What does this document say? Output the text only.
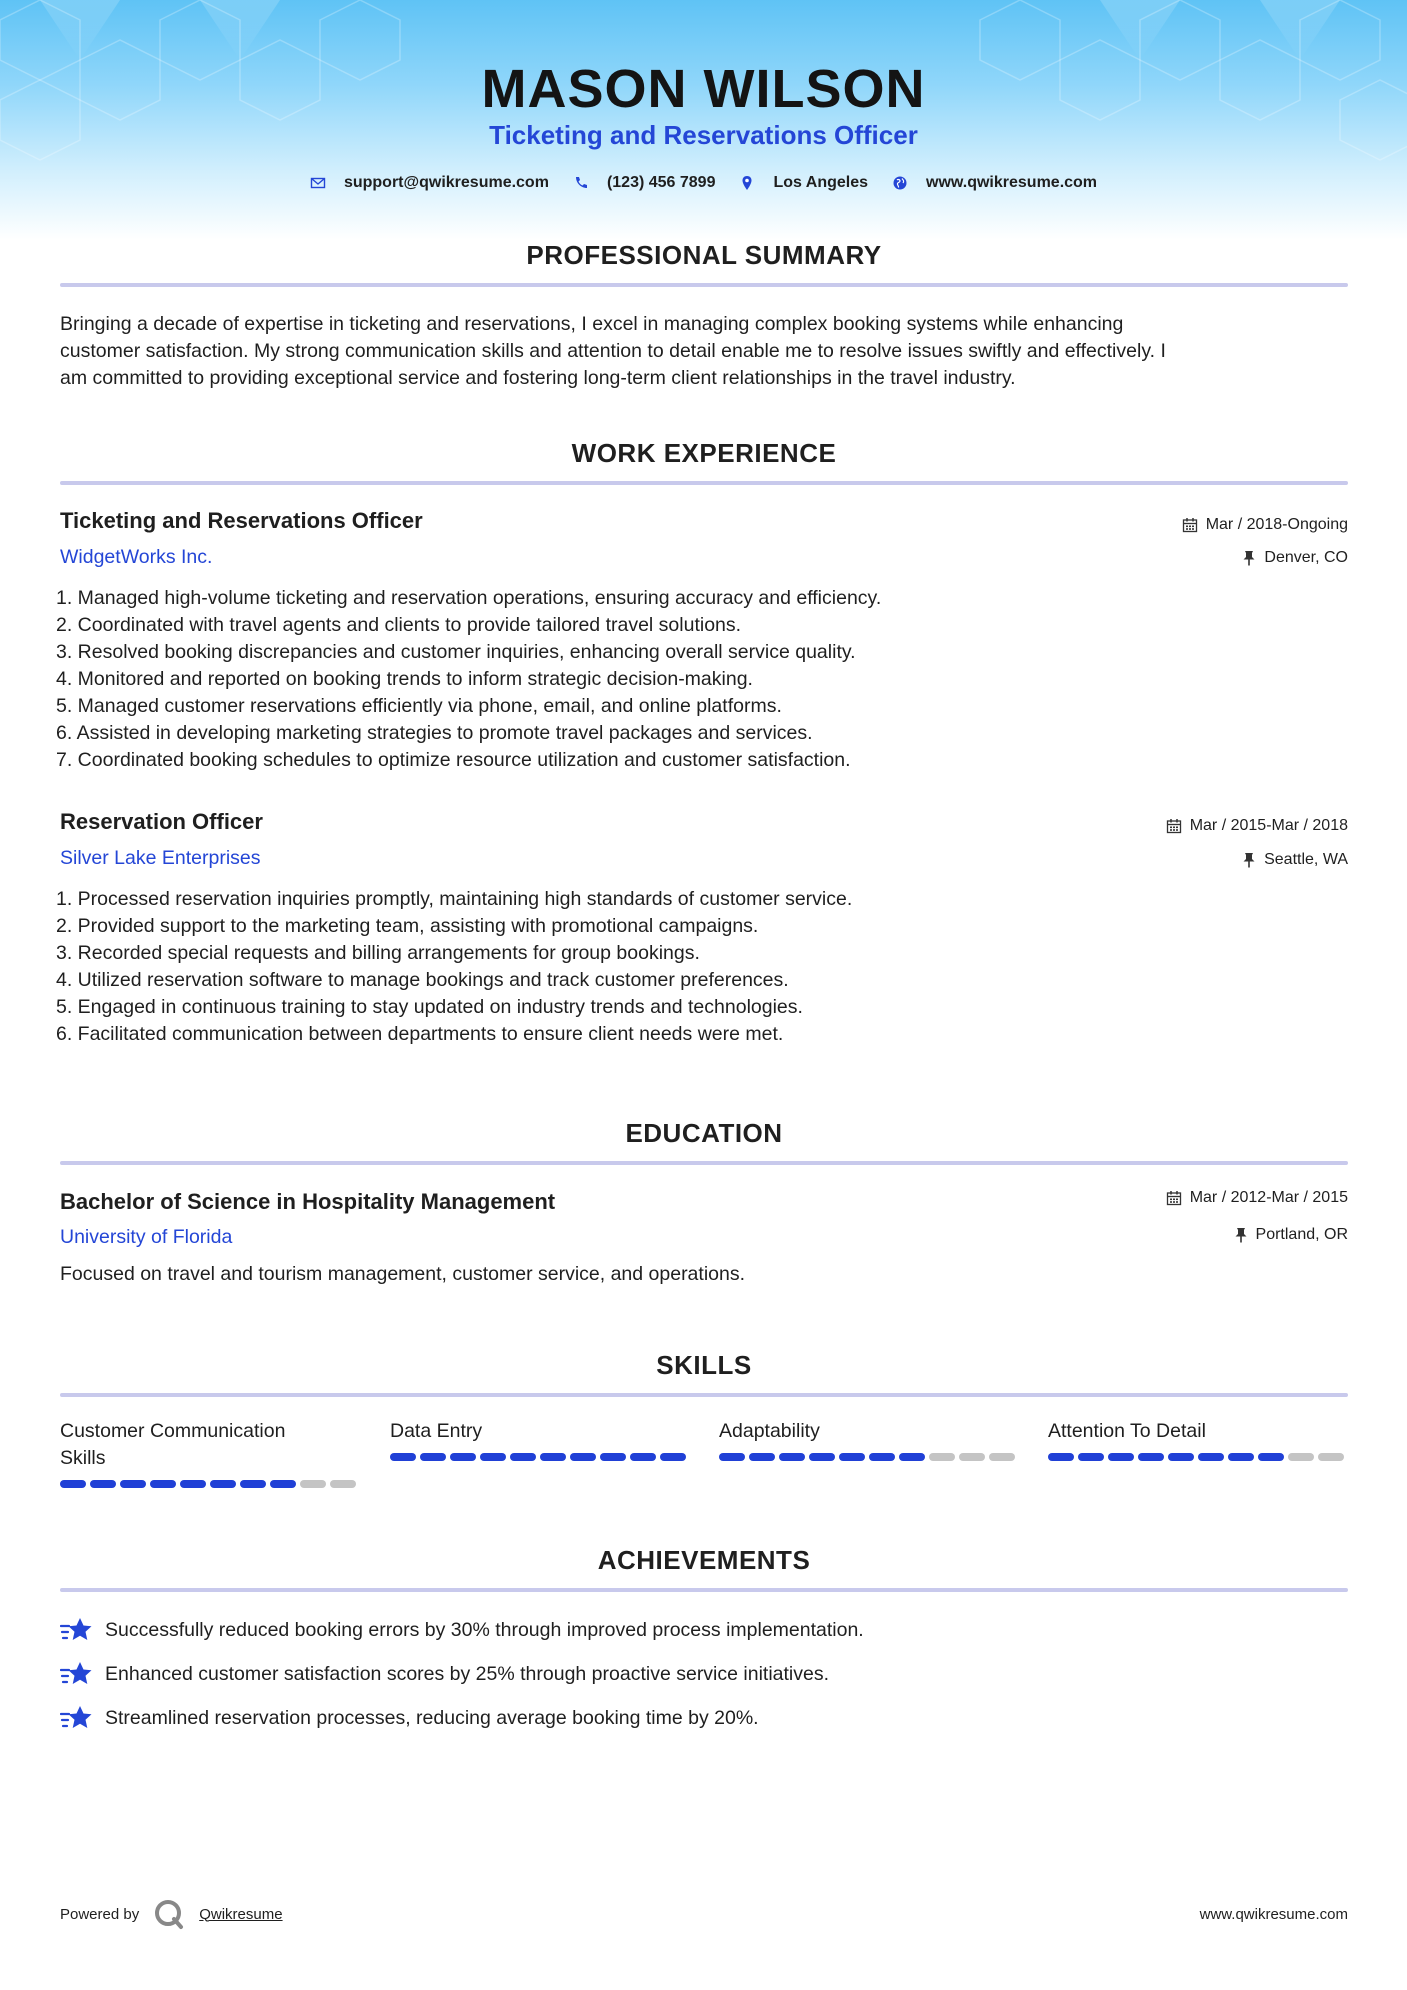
MASON WILSON
Ticketing and Reservations Officer
support@qwikresume.com	(123) 456 7899	Los Angeles	www.qwikresume.com
PROFESSIONAL SUMMARY
Bringing a decade of expertise in ticketing and reservations, I excel in managing complex booking systems while enhancing
customer satisfaction. My strong communication skills and attention to detail enable me to resolve issues swiftly and effectively. I
am committed to providing exceptional service and fostering long-term client relationships in the travel industry.
WORK EXPERIENCE
Ticketing and Reservations Officer	Mar / 2018-Ongoing
WidgetWorks Inc.	Denver, CO
1. Managed high-volume ticketing and reservation operations, ensuring accuracy and efficiency.
2. Coordinated with travel agents and clients to provide tailored travel solutions.
3. Resolved booking discrepancies and customer inquiries, enhancing overall service quality.
4. Monitored and reported on booking trends to inform strategic decision-making.
5. Managed customer reservations efficiently via phone, email, and online platforms.
6. Assisted in developing marketing strategies to promote travel packages and services.
7. Coordinated booking schedules to optimize resource utilization and customer satisfaction.
Reservation Officer	Mar / 2015-Mar / 2018
Silver Lake Enterprises	Seattle, WA
1. Processed reservation inquiries promptly, maintaining high standards of customer service.
2. Provided support to the marketing team, assisting with promotional campaigns.
3. Recorded special requests and billing arrangements for group bookings.
4. Utilized reservation software to manage bookings and track customer preferences.
5. Engaged in continuous training to stay updated on industry trends and technologies.
6. Facilitated communication between departments to ensure client needs were met.
EDUCATION
Bachelor of Science in Hospitality Management	Mar / 2012-Mar / 2015
University of Florida	Portland, OR
Focused on travel and tourism management, customer service, and operations.
SKILLS
Customer Communication
Skills
Data Entry	Adaptability	Attention To Detail
ACHIEVEMENTS
Successfully reduced booking errors by 30% through improved process implementation.
Enhanced customer satisfaction scores by 25% through proactive service initiatives.
Streamlined reservation processes, reducing average booking time by 20%.
Powered by	Qwikresume	www.qwikresume.com
